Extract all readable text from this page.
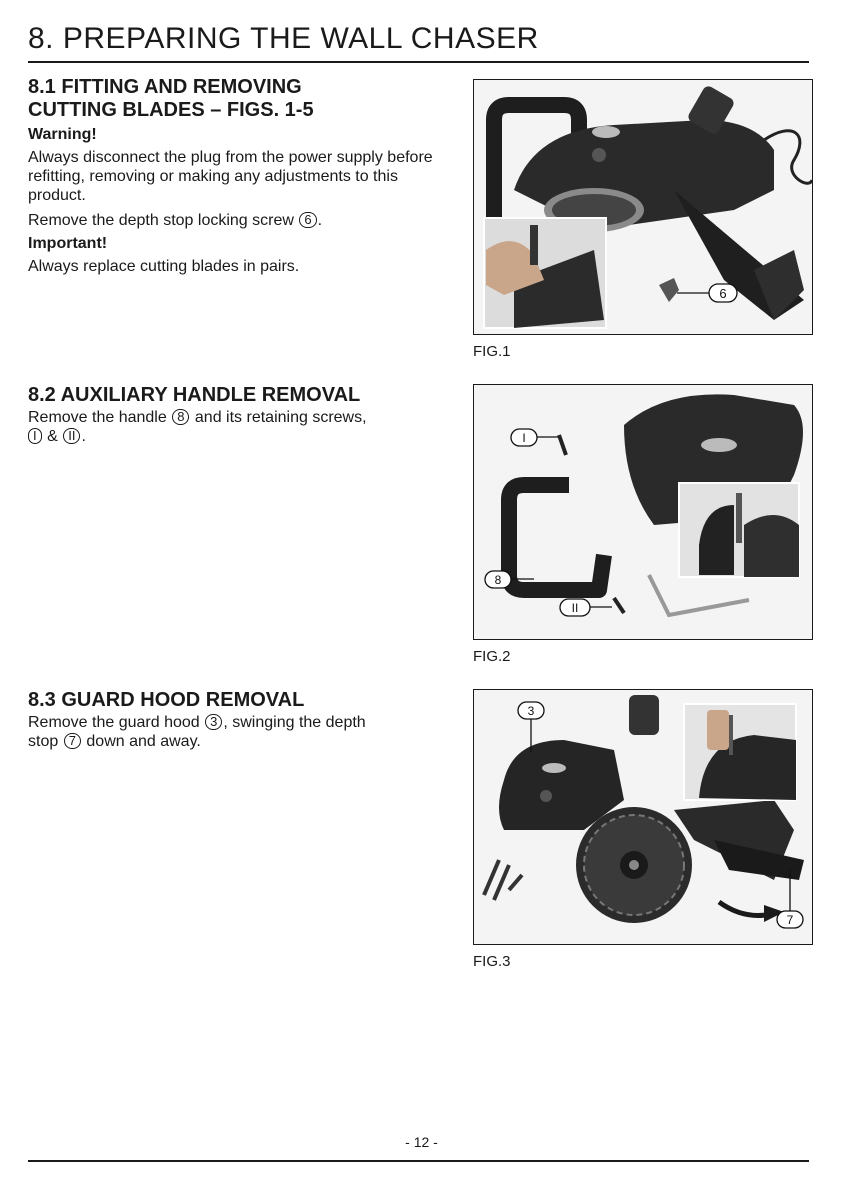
8. PREPARING THE WALL CHASER
8.1 FITTING AND REMOVING
CUTTING BLADES – FIGS. 1-5
Warning!
Always disconnect the plug from the power supply before refitting, removing or making any adjustments to this product.
Remove the depth stop locking screw 6 .
Important!
Always replace cutting blades in pairs.
8.2 AUXILIARY HANDLE REMOVAL
Remove the handle 8 and its retaining screws,
I & II .
8.3 GUARD HOOD REMOVAL
Remove the guard hood 3 , swinging the depth
stop 7 down and away.
6
FIG.1
I
8
II
FIG.2
3
7
FIG.3
- 12 -
